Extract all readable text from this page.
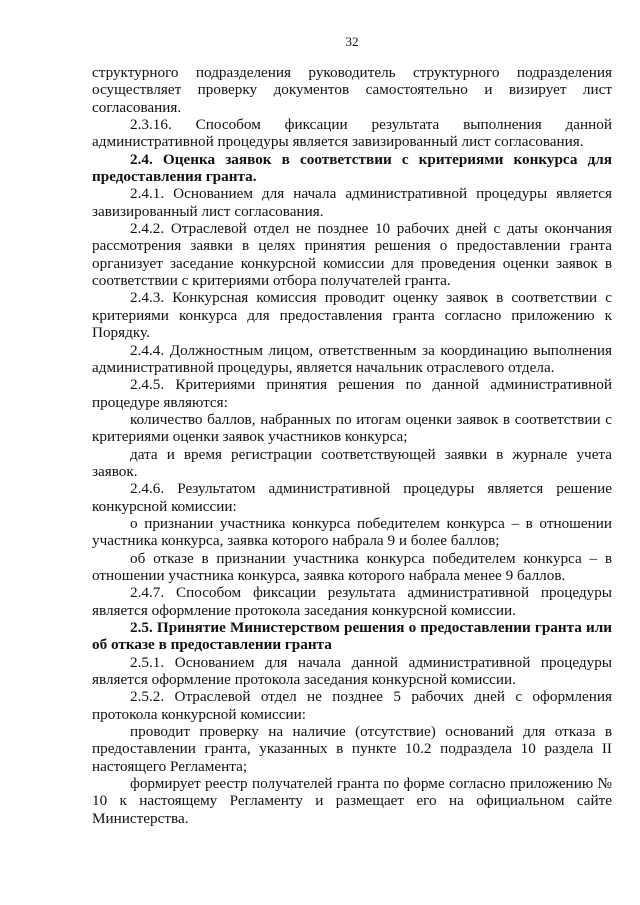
32

структурного подразделения руководитель структурного подразделения осуществляет проверку документов самостоятельно и визирует лист согласования.

2.3.16. Способом фиксации результата выполнения данной административной процедуры является завизированный лист согласования.

2.4. Оценка заявок в соответствии с критериями конкурса для предоставления гранта.

2.4.1. Основанием для начала административной процедуры является завизированный лист согласования.

2.4.2. Отраслевой отдел не позднее 10 рабочих дней с даты окончания рассмотрения заявки в целях принятия решения о предоставлении гранта организует заседание конкурсной комиссии для проведения оценки заявок в соответствии с критериями отбора получателей гранта.

2.4.3. Конкурсная комиссия проводит оценку заявок в соответствии с критериями конкурса для предоставления гранта согласно приложению к Порядку.

2.4.4. Должностным лицом, ответственным за координацию выполнения административной процедуры, является начальник отраслевого отдела.

2.4.5. Критериями принятия решения по данной административной процедуре являются:

количество баллов, набранных по итогам оценки заявок в соответствии с критериями оценки заявок участников конкурса;

дата и время регистрации соответствующей заявки в журнале учета заявок.

2.4.6. Результатом административной процедуры является решение конкурсной комиссии:

о признании участника конкурса победителем конкурса – в отношении участника конкурса, заявка которого набрала 9 и более баллов;

об отказе в признании участника конкурса победителем конкурса – в отношении участника конкурса, заявка которого набрала менее 9 баллов.

2.4.7. Способом фиксации результата административной процедуры является оформление протокола заседания конкурсной комиссии.

2.5. Принятие Министерством решения о предоставлении гранта или об отказе в предоставлении гранта

2.5.1. Основанием для начала данной административной процедуры является оформление протокола заседания конкурсной комиссии.

2.5.2. Отраслевой отдел не позднее 5 рабочих дней с оформления протокола конкурсной комиссии:

проводит проверку на наличие (отсутствие) оснований для отказа в предоставлении гранта, указанных в пункте 10.2 подраздела 10 раздела II настоящего Регламента;

формирует реестр получателей гранта по форме согласно приложению № 10 к настоящему Регламенту и размещает его на официальном сайте Министерства.
